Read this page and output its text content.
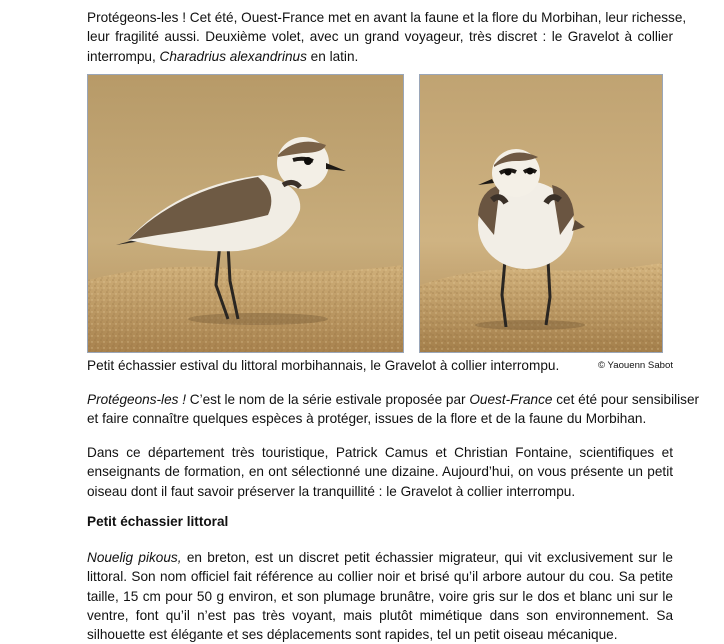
Protégeons-les ! Cet été, Ouest-France met en avant la faune et la flore du Morbihan, leur richesse,
leur fragilité aussi. Deuxième volet, avec un grand voyageur, très discret : le Gravelot à collier
interrompu, Charadrius alexandrinus en latin.
Petit échassier estival du littoral morbihannais, le Gravelot à collier interrompu.	© Yaouenn Sabot
Protégeons-les ! C’est le nom de la série estivale proposée par Ouest-France cet été pour sensibiliser
et faire connaître quelques espèces à protéger, issues de la flore et de la faune du Morbihan.
Dans ce département très touristique, Patrick Camus et Christian Fontaine, scientifiques et
enseignants de formation, en ont sélectionné une dizaine. Aujourd’hui, on vous présente un petit
oiseau dont il faut savoir préserver la tranquillité : le Gravelot à collier interrompu.
Petit échassier littoral
Nouelig pikous, en breton, est un discret petit échassier migrateur, qui vit exclusivement sur le
littoral. Son nom officiel fait référence au collier noir et brisé qu’il arbore autour du cou. Sa petite
taille, 15 cm pour 50 g environ, et son plumage brunâtre, voire gris sur le dos et blanc uni sur le
ventre, font qu’il n’est pas très voyant, mais plutôt mimétique dans son environnement. Sa
silhouette est élégante et ses déplacements sont rapides, tel un petit oiseau mécanique.
